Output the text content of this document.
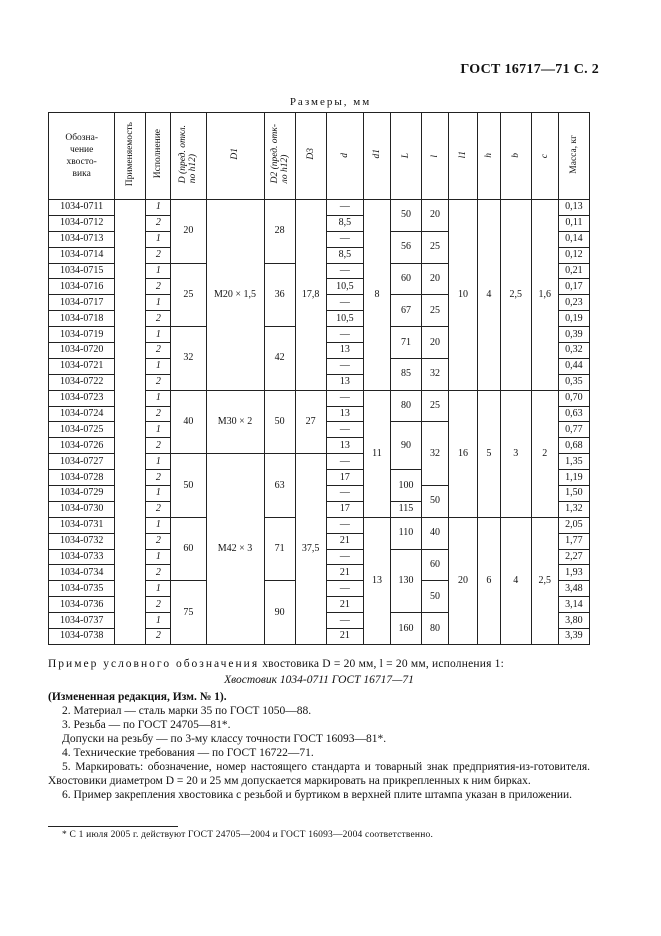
ГОСТ 16717—71 С. 2
Размеры, мм
Обозна-
чение
хвосто-
вика	Применяемость	Исполнение	D (пред. откл.
по h12)	D1	D2 (пред. отк-
ло h12)	D3	d	d1	L	l	l1	h	b	c	Масса, кг
1034-0711		1	20	M20 × 1,5	28	17,8	—	8	50	20	10	4	2,5	1,6	0,13
1034-0712		2					8,5								0,11
1034-0713		1					—		56	25					0,14
1034-0714		2					8,5								0,12
1034-0715		1	25		36		—		60	20					0,21
1034-0716		2					10,5								0,17
1034-0717		1					—		67	25					0,23
1034-0718		2					10,5								0,19
1034-0719		1	32		42		—		71	20					0,39
1034-0720		2					13								0,32
1034-0721		1					—		85	32					0,44
1034-0722		2					13								0,35
1034-0723		1	40	M30 × 2	50	27	—	11	80	25	16	5	3	2	0,70
1034-0724		2					13								0,63
1034-0725		1					—		90	32					0,77
1034-0726		2					13								0,68
1034-0727		1	50	M42 × 3	63	37,5	—								1,35
1034-0728		2					17		100						1,19
1034-0729		1					—			50					1,50
1034-0730		2					17		115						1,32
1034-0731		1	60		71		—	13	110	40	20	6	4	2,5	2,05
1034-0732		2					21								1,77
1034-0733		1					—		130	60					2,27
1034-0734		2					21								1,93
1034-0735		1	75		90		—			50					3,48
1034-0736		2					21								3,14
1034-0737		1					—		160	80					3,80
1034-0738		2					21								3,39
Пример условного обозначения хвостовика D = 20 мм, l = 20 мм, исполнения 1:
Хвостовик 1034-0711 ГОСТ 16717—71

(Измененная редакция, Изм. № 1).

2. Материал — сталь марки 35 по ГОСТ 1050—88.

3. Резьба — по ГОСТ 24705—81*.

Допуски на резьбу — по 3-му классу точности ГОСТ 16093—81*.

4. Технические требования — по ГОСТ 16722—71.

5. Маркировать: обозначение, номер настоящего стандарта и товарный знак предприятия-из-готовителя. Хвостовики диаметром D = 20 и 25 мм допускается маркировать на прикрепленных к ним бирках.

6. Пример закрепления хвостовика с резьбой и буртиком в верхней плите штампа указан в приложении.

* С 1 июля 2005 г. действуют ГОСТ 24705—2004 и ГОСТ 16093—2004 соответственно.
